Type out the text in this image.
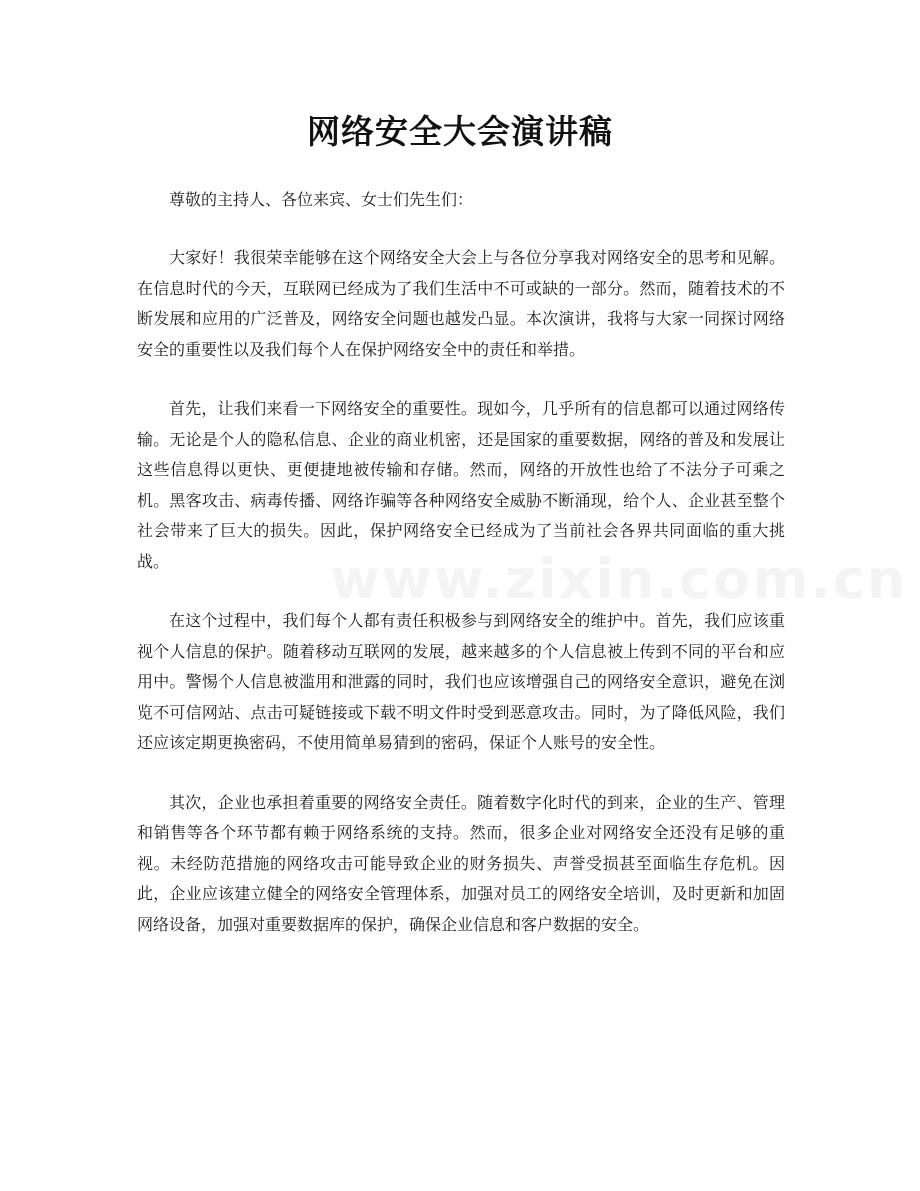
网络安全大会演讲稿

尊敬的主持人、各位来宾、女士们先生们：

大家好！我很荣幸能够在这个网络安全大会上与各位分享我对网络安全的思考和见解。在信息时代的今天，互联网已经成为了我们生活中不可或缺的一部分。然而，随着技术的不断发展和应用的广泛普及，网络安全问题也越发凸显。本次演讲，我将与大家一同探讨网络安全的重要性以及我们每个人在保护网络安全中的责任和举措。

首先，让我们来看一下网络安全的重要性。现如今，几乎所有的信息都可以通过网络传输。无论是个人的隐私信息、企业的商业机密，还是国家的重要数据，网络的普及和发展让这些信息得以更快、更便捷地被传输和存储。然而，网络的开放性也给了不法分子可乘之机。黑客攻击、病毒传播、网络诈骗等各种网络安全威胁不断涌现，给个人、企业甚至整个社会带来了巨大的损失。因此，保护网络安全已经成为了当前社会各界共同面临的重大挑战。

在这个过程中，我们每个人都有责任积极参与到网络安全的维护中。首先，我们应该重视个人信息的保护。随着移动互联网的发展，越来越多的个人信息被上传到不同的平台和应用中。警惕个人信息被滥用和泄露的同时，我们也应该增强自己的网络安全意识，避免在浏览不可信网站、点击可疑链接或下载不明文件时受到恶意攻击。同时，为了降低风险，我们还应该定期更换密码，不使用简单易猜到的密码，保证个人账号的安全性。

其次，企业也承担着重要的网络安全责任。随着数字化时代的到来，企业的生产、管理和销售等各个环节都有赖于网络系统的支持。然而，很多企业对网络安全还没有足够的重视。未经防范措施的网络攻击可能导致企业的财务损失、声誉受损甚至面临生存危机。因此，企业应该建立健全的网络安全管理体系，加强对员工的网络安全培训，及时更新和加固网络设备，加强对重要数据库的保护，确保企业信息和客户数据的安全。
